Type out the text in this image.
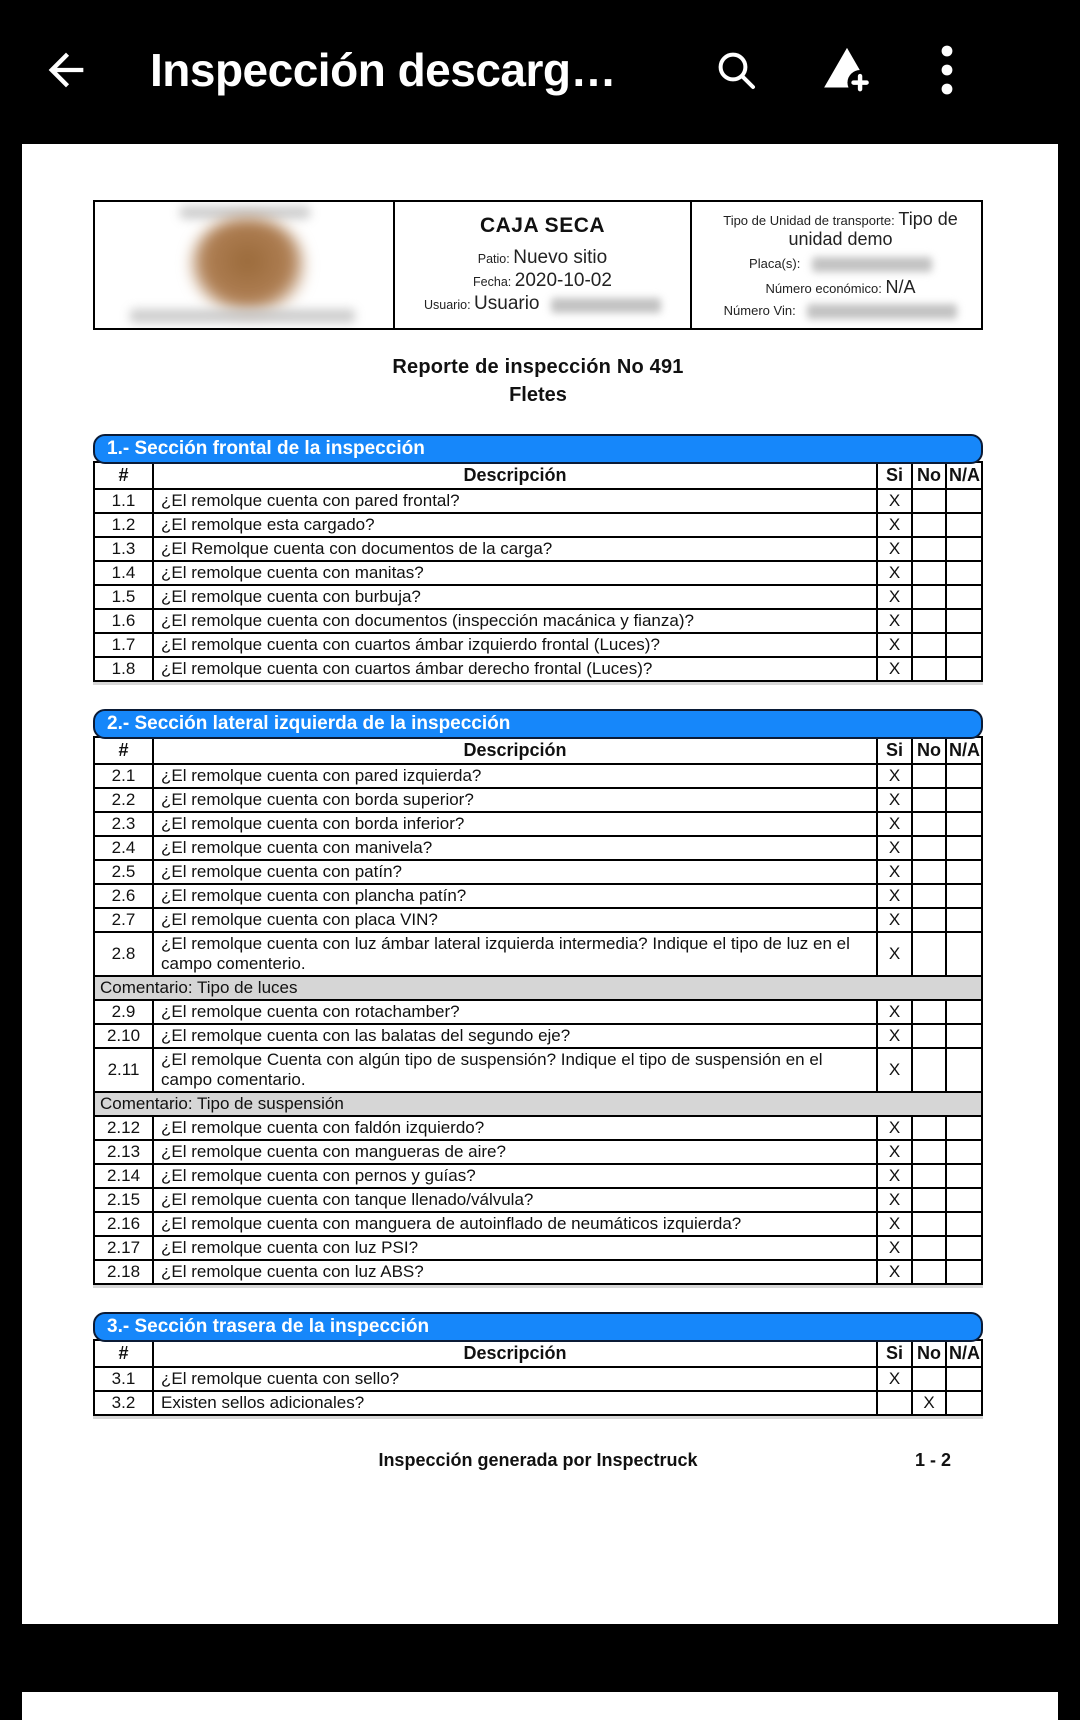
Inspección descarg…
CAJA SECA
Patio: Nuevo sitio
Fecha: 2020-10-02
Usuario: Usuario
Tipo de Unidad de transporte: Tipo de unidad demo
Placa(s):
Número económico: N/A
Número Vin:
Reporte de inspección No 491
Fletes
1.- Sección frontal de la inspección
#	Descripción	Si	No	N/A
1.1	¿El remolque cuenta con pared frontal?	X		
1.2	¿El remolque esta cargado?	X		
1.3	¿El Remolque cuenta con documentos de la carga?	X		
1.4	¿El remolque cuenta con manitas?	X		
1.5	¿El remolque cuenta con burbuja?	X		
1.6	¿El remolque cuenta con documentos (inspección macánica y fianza)?	X		
1.7	¿El remolque cuenta con cuartos ámbar izquierdo frontal (Luces)?	X		
1.8	¿El remolque cuenta con cuartos ámbar derecho frontal (Luces)?	X		
2.- Sección lateral izquierda de la inspección
#	Descripción	Si	No	N/A
2.1	¿El remolque cuenta con pared izquierda?	X		
2.2	¿El remolque cuenta con borda superior?	X		
2.3	¿El remolque cuenta con borda inferior?	X		
2.4	¿El remolque cuenta con manivela?	X		
2.5	¿El remolque cuenta con patín?	X		
2.6	¿El remolque cuenta con plancha patín?	X		
2.7	¿El remolque cuenta con placa VIN?	X		
2.8	¿El remolque cuenta con luz ámbar lateral izquierda intermedia? Indique el tipo de luz en el campo comenterio.	X		
Comentario: Tipo de luces				
2.9	¿El remolque cuenta con rotachamber?	X		
2.10	¿El remolque cuenta con las balatas del segundo eje?	X		
2.11	¿El remolque Cuenta con algún tipo de suspensión? Indique el tipo de suspensión en el campo comentario.	X		
Comentario: Tipo de suspensión				
2.12	¿El remolque cuenta con faldón izquierdo?	X		
2.13	¿El remolque cuenta con mangueras de aire?	X		
2.14	¿El remolque cuenta con pernos y guías?	X		
2.15	¿El remolque cuenta con tanque llenado/válvula?	X		
2.16	¿El remolque cuenta con manguera de autoinflado de neumáticos izquierda?	X		
2.17	¿El remolque cuenta con luz PSI?	X		
2.18	¿El remolque cuenta con luz ABS?	X		
3.- Sección trasera de la inspección
#	Descripción	Si	No	N/A
3.1	¿El remolque cuenta con sello?	X		
3.2	Existen sellos adicionales?		X	
Inspección generada por Inspectruck	1 - 2
